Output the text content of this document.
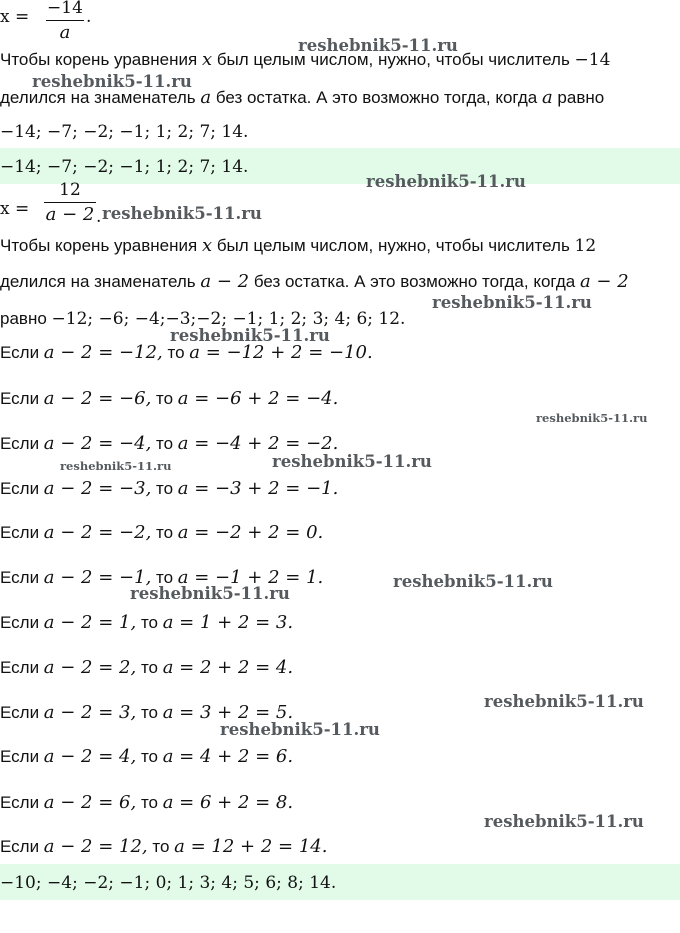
x = −14
a
.
Чтобы корень уравнения x был целым числом, нужно, чтобы числитель −14
делился на знаменатель a без остатка. А это возможно тогда, когда a равно
−14; −7; −2; −1; 1; 2; 7; 14.
−14; −7; −2; −1; 1; 2; 7; 14.
x =
12
a − 2 .
Чтобы корень уравнения x был целым числом, нужно, чтобы числитель 12
делился на знаменатель a − 2 без остатка. А это возможно тогда, когда a − 2
равно −12; −6; −4;−3;−2; −1; 1; 2; 3; 4; 6; 12.
Если a − 2 = −12, то a = −12 + 2 = −10.
Если a − 2 = −6, то a = −6 + 2 = −4.
Если a − 2 = −4, то a = −4 + 2 = −2.
Если a − 2 = −3, то a = −3 + 2 = −1.
Если a − 2 = −2, то a = −2 + 2 = 0.
Если a − 2 = −1, то a = −1 + 2 = 1.
Если a − 2 = 1, то a = 1 + 2 = 3.
Если a − 2 = 2, то a = 2 + 2 = 4.
Если a − 2 = 3, то a = 3 + 2 = 5.
Если a − 2 = 4, то a = 4 + 2 = 6.
Если a − 2 = 6, то a = 6 + 2 = 8.
Если a − 2 = 12, то a = 12 + 2 = 14.
−10; −4; −2; −1; 0; 1; 3; 4; 5; 6; 8; 14.
reshebnik5-11.ru
reshebnik5-11.ru
reshebnik5-11.ru
reshebnik5-11.ru
reshebnik5-11.ru
reshebnik5-11.ru
reshebnik5-11.ru
reshebnik5-11.ru	reshebnik5-11.ru
reshebnik5-11.ru
reshebnik5-11.ru
reshebnik5-11.ru
reshebnik5-11.ru
reshebnik5-11.ru
